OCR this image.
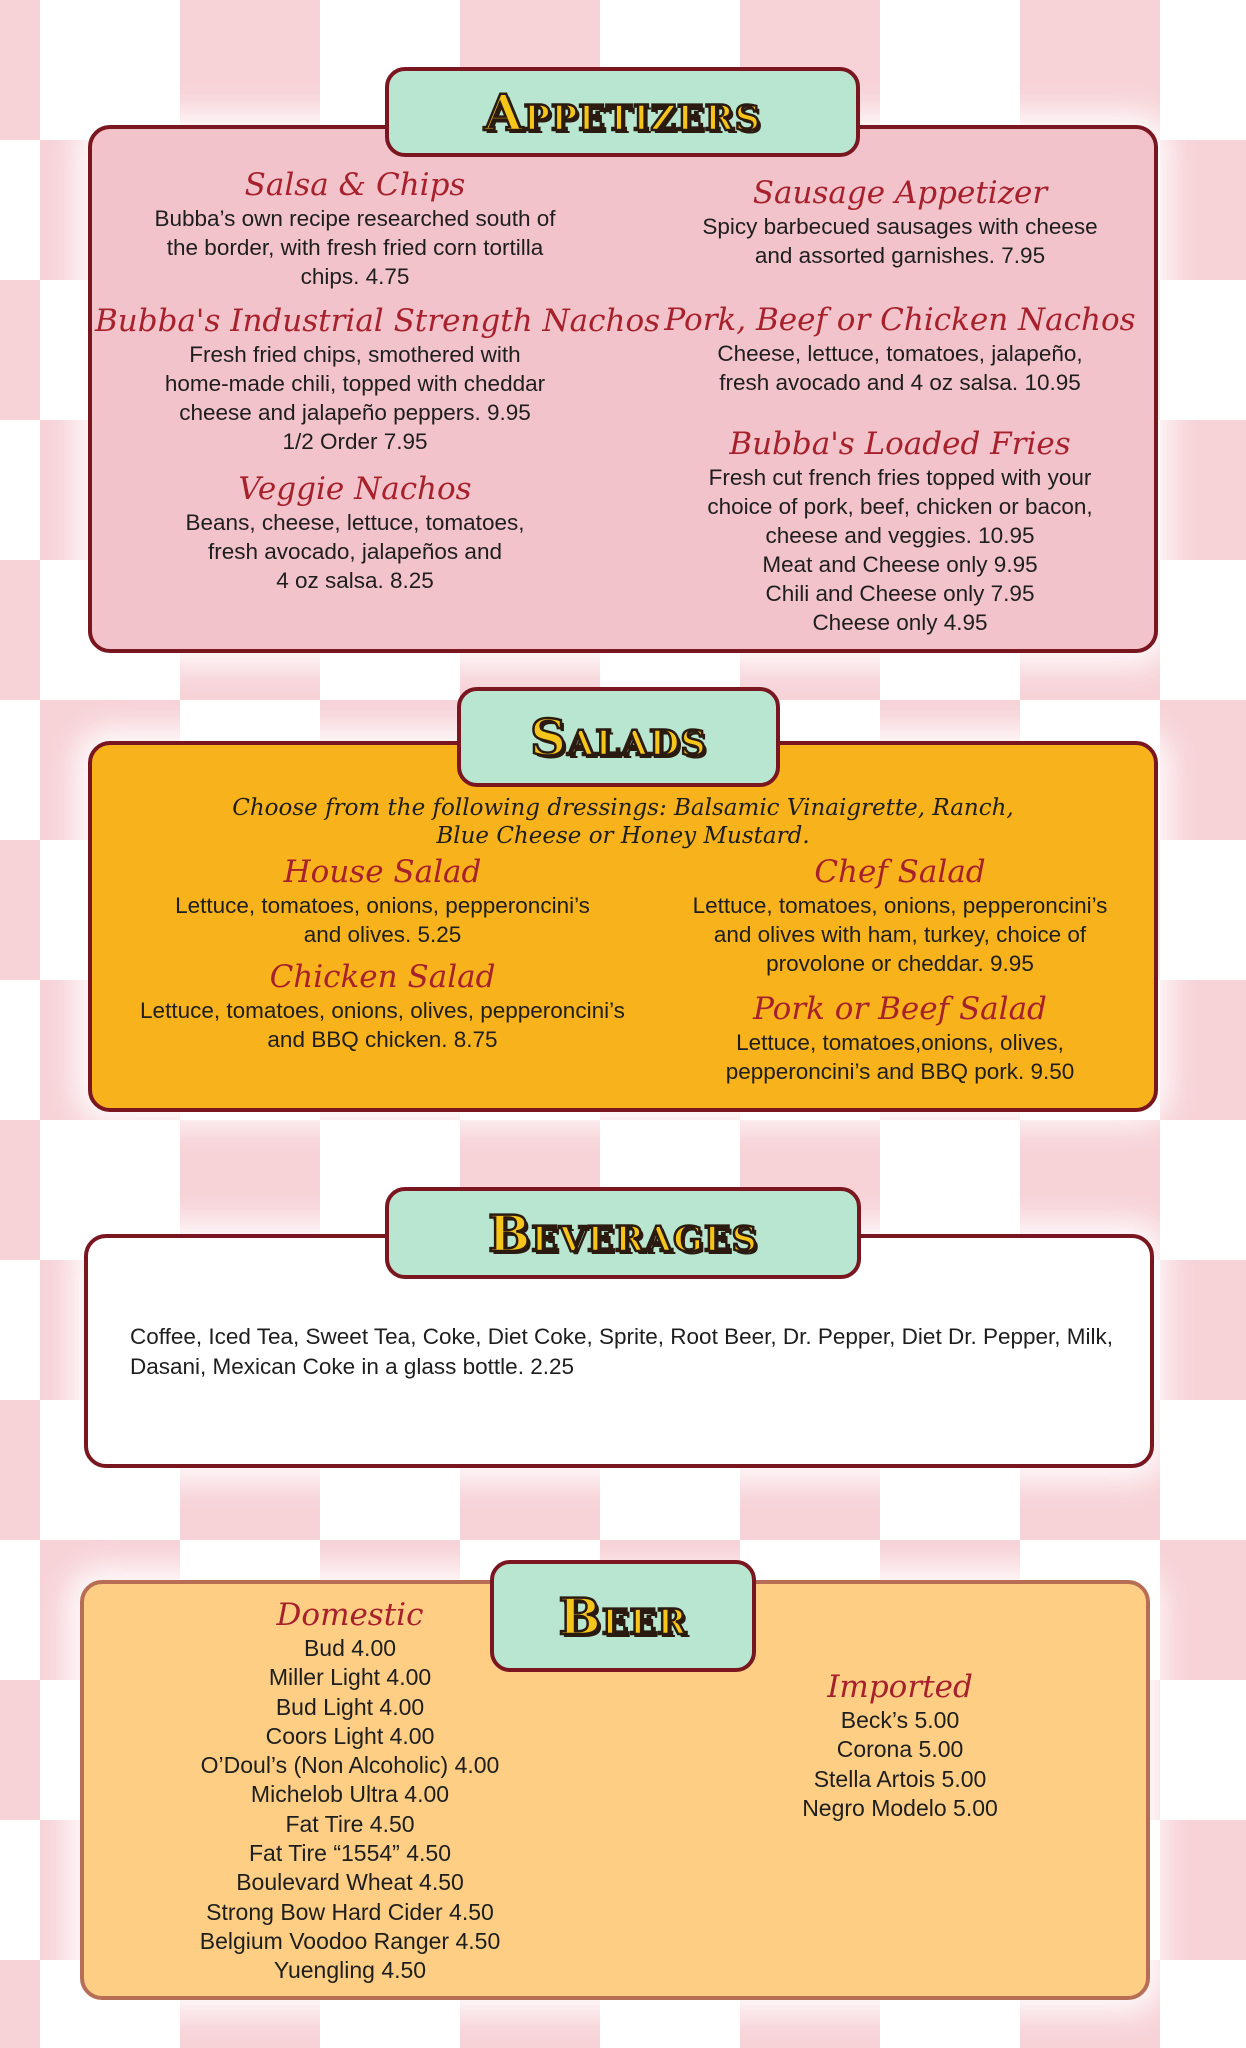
Appetizers
Salsa & Chips
Bubba’s own recipe researched south of
the border, with fresh fried corn tortilla
chips. 4.75
Bubba's Industrial Strength Nachos
Fresh fried chips, smothered with
home-made chili, topped with cheddar
cheese and jalapeño peppers. 9.95
1/2 Order 7.95
Veggie Nachos
Beans, cheese, lettuce, tomatoes,
fresh avocado, jalapeños and
4 oz salsa. 8.25
Sausage Appetizer
Spicy barbecued sausages with cheese
and assorted garnishes. 7.95
Pork, Beef or Chicken Nachos
Cheese, lettuce, tomatoes, jalapeño,
fresh avocado and 4 oz salsa. 10.95
Bubba's Loaded Fries
Fresh cut french fries topped with your
choice of pork, beef, chicken or bacon,
cheese and veggies. 10.95
Meat and Cheese only 9.95
Chili and Cheese only 7.95
Cheese only 4.95
Salads
Choose from the following dressings: Balsamic Vinaigrette, Ranch,
Blue Cheese or Honey Mustard.
House Salad
Lettuce, tomatoes, onions, pepperoncini’s
and olives. 5.25
Chicken Salad
Lettuce, tomatoes, onions, olives, pepperoncini’s
and BBQ chicken. 8.75
Chef Salad
Lettuce, tomatoes, onions, pepperoncini’s
and olives with ham, turkey, choice of
provolone or cheddar. 9.95
Pork or Beef Salad
Lettuce, tomatoes,onions, olives,
pepperoncini’s and BBQ pork. 9.50
Beverages
Coffee, Iced Tea, Sweet Tea, Coke, Diet Coke, Sprite, Root Beer, Dr. Pepper, Diet Dr. Pepper, Milk, Dasani, Mexican Coke in a glass bottle. 2.25
Beer
Domestic
Bud 4.00
Miller Light 4.00
Bud Light 4.00
Coors Light 4.00
O’Doul’s (Non Alcoholic) 4.00
Michelob Ultra 4.00
Fat Tire 4.50
Fat Tire “1554” 4.50
Boulevard Wheat 4.50
Strong Bow Hard Cider 4.50
Belgium Voodoo Ranger 4.50
Yuengling 4.50
Imported
Beck’s 5.00
Corona 5.00
Stella Artois 5.00
Negro Modelo 5.00
